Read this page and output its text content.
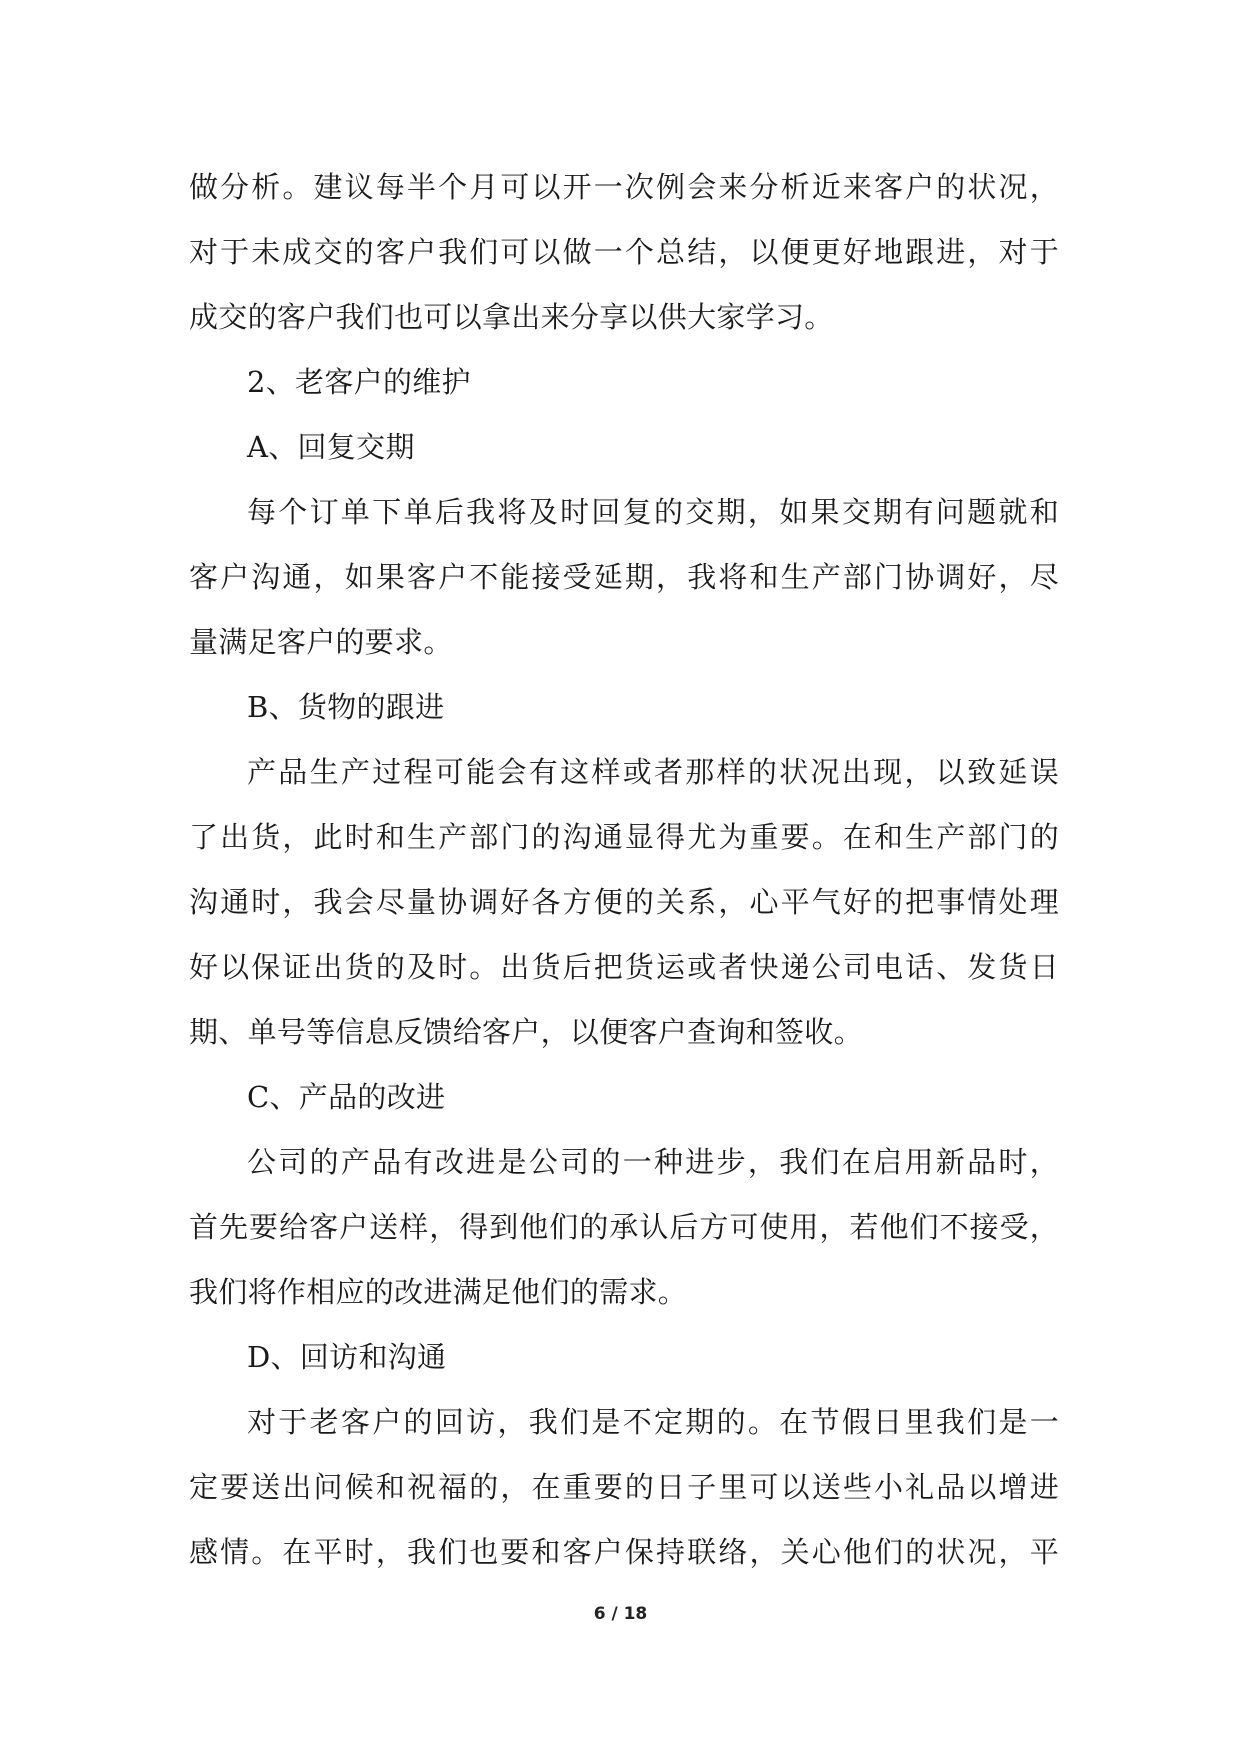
做分析。建议每半个月可以开一次例会来分析近来客户的状况，
对于未成交的客户我们可以做一个总结，以便更好地跟进，对于
成交的客户我们也可以拿出来分享以供大家学习。
2、老客户的维护
A、回复交期
每个订单下单后我将及时回复的交期，如果交期有问题就和
客户沟通，如果客户不能接受延期，我将和生产部门协调好，尽
量满足客户的要求。
B、货物的跟进
产品生产过程可能会有这样或者那样的状况出现，以致延误
了出货，此时和生产部门的沟通显得尤为重要。在和生产部门的
沟通时，我会尽量协调好各方便的关系，心平气好的把事情处理
好以保证出货的及时。出货后把货运或者快递公司电话、发货日
期、单号等信息反馈给客户，以便客户查询和签收。
C、产品的改进
公司的产品有改进是公司的一种进步，我们在启用新品时，
首先要给客户送样，得到他们的承认后方可使用，若他们不接受，
我们将作相应的改进满足他们的需求。
D、回访和沟通
对于老客户的回访，我们是不定期的。在节假日里我们是一
定要送出问候和祝福的，在重要的日子里可以送些小礼品以增进
感情。在平时，我们也要和客户保持联络，关心他们的状况，平
6 / 18
